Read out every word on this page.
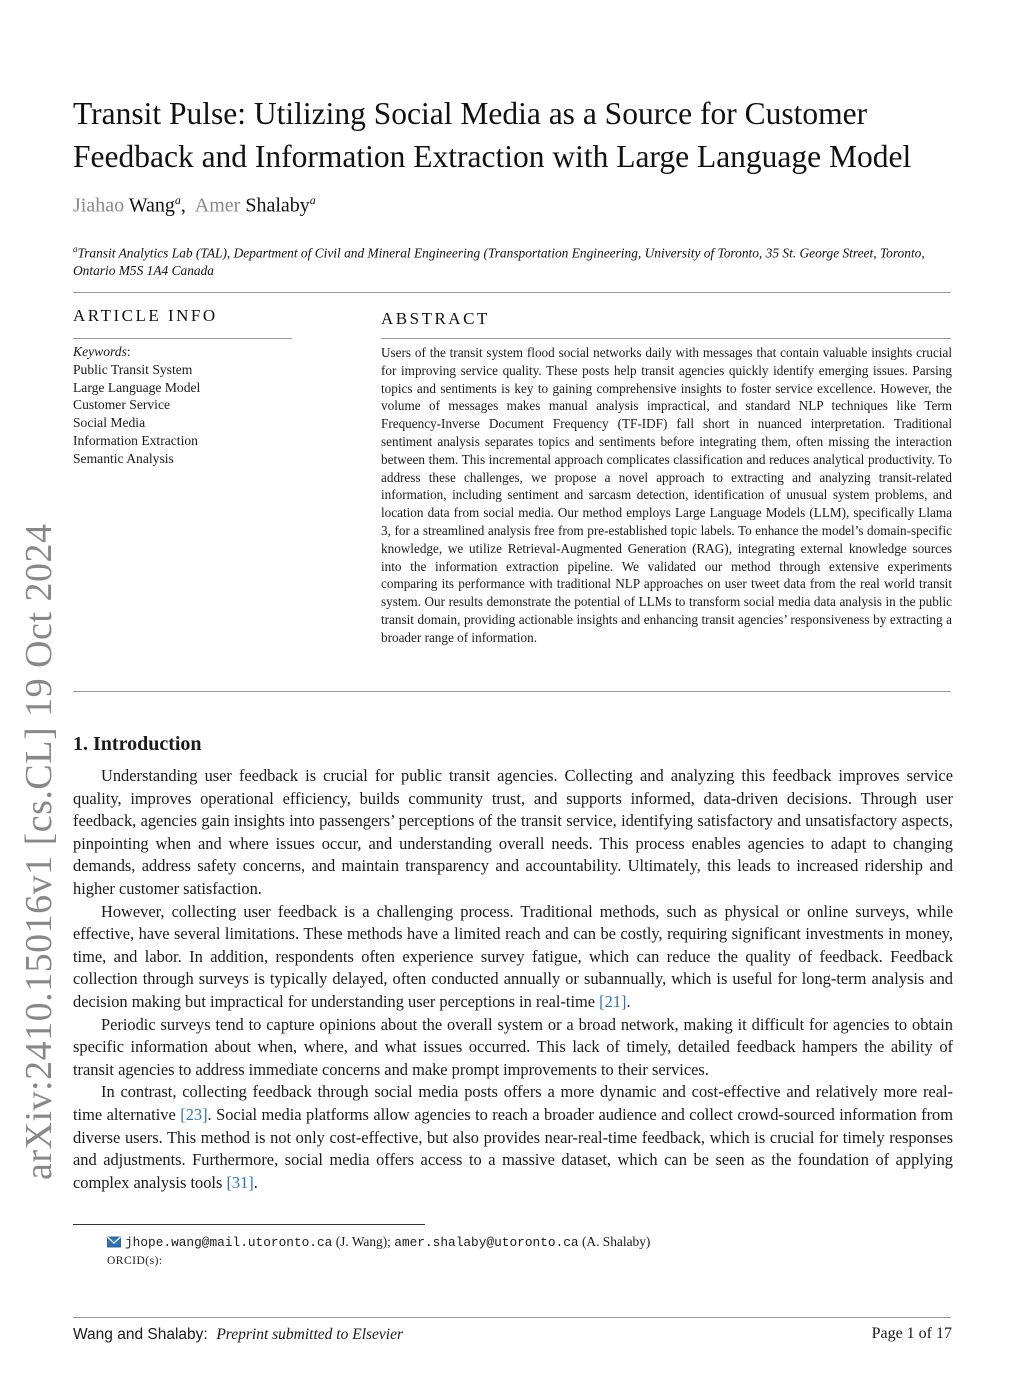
arXiv:2410.15016v1 [cs.CL] 19 Oct 2024
Transit Pulse: Utilizing Social Media as a Source for Customer Feedback and Information Extraction with Large Language Model
Jiahao Wang$^a$,  Amer Shalaby$^a$
$^a$Transit Analytics Lab (TAL), Department of Civil and Mineral Engineering (Transportation Engineering, University of Toronto, 35 St. George Street, Toronto, Ontario M5S 1A4 Canada
ARTICLE INFO
Keywords:
Public Transit System
Large Language Model
Customer Service
Social Media
Information Extraction
Semantic Analysis
ABSTRACT
Users of the transit system flood social networks daily with messages that contain valuable insights crucial for improving service quality. These posts help transit agencies quickly identify emerging issues. Parsing topics and sentiments is key to gaining comprehensive insights to foster service excellence. However, the volume of messages makes manual analysis impractical, and standard NLP techniques like Term Frequency-Inverse Document Frequency (TF-IDF) fall short in nuanced interpretation. Traditional sentiment analysis separates topics and sentiments before integrating them, often missing the interaction between them. This incremental approach complicates classification and reduces analytical productivity. To address these challenges, we propose a novel approach to extracting and analyzing transit-related information, including sentiment and sarcasm detection, identification of unusual system problems, and location data from social media. Our method employs Large Language Models (LLM), specifically Llama 3, for a streamlined analysis free from pre-established topic labels. To enhance the model’s domain-specific knowledge, we utilize Retrieval-Augmented Generation (RAG), integrating external knowledge sources into the information extraction pipeline. We validated our method through extensive experiments comparing its performance with traditional NLP approaches on user tweet data from the real world transit system. Our results demonstrate the potential of LLMs to transform social media data analysis in the public transit domain, providing actionable insights and enhancing transit agencies’ responsiveness by extracting a broader range of information.
1. Introduction

Understanding user feedback is crucial for public transit agencies. Collecting and analyzing this feedback improves service quality, improves operational efficiency, builds community trust, and supports informed, data-driven decisions. Through user feedback, agencies gain insights into passengers’ perceptions of the transit service, identifying satisfactory and unsatisfactory aspects, pinpointing when and where issues occur, and understanding overall needs. This process enables agencies to adapt to changing demands, address safety concerns, and maintain transparency and accountability. Ultimately, this leads to increased ridership and higher customer satisfaction.

However, collecting user feedback is a challenging process. Traditional methods, such as physical or online surveys, while effective, have several limitations. These methods have a limited reach and can be costly, requiring significant investments in money, time, and labor. In addition, respondents often experience survey fatigue, which can reduce the quality of feedback. Feedback collection through surveys is typically delayed, often conducted annually or subannually, which is useful for long-term analysis and decision making but impractical for understanding user perceptions in real-time [21].

Periodic surveys tend to capture opinions about the overall system or a broad network, making it difficult for agencies to obtain specific information about when, where, and what issues occurred. This lack of timely, detailed feedback hampers the ability of transit agencies to address immediate concerns and make prompt improvements to their services.

In contrast, collecting feedback through social media posts offers a more dynamic and cost-effective and relatively more real-time alternative [23]. Social media platforms allow agencies to reach a broader audience and collect crowd-sourced information from diverse users. This method is not only cost-effective, but also provides near-real-time feedback, which is crucial for timely responses and adjustments. Furthermore, social media offers access to a massive dataset, which can be seen as the foundation of applying complex analysis tools [31].

jhope.wang@mail.utoronto.ca (J. Wang); amer.shalaby@utoronto.ca (A. Shalaby)
ORCID(s):
Wang and Shalaby:  Preprint submitted to Elsevier	Page 1 of 17
